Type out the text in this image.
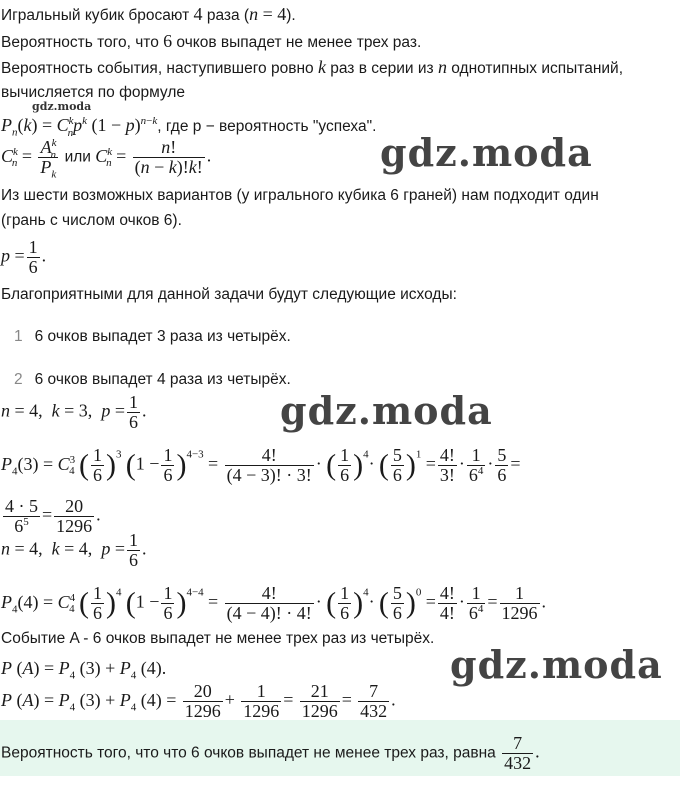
Игральный кубик бросают 4 раза (n = 4).
Вероятность того, что 6 очков выпадет не менее трех раз.
Вероятность события, наступившего ровно k раз в серии из n однотипных испытаний,
вычисляется по формуле
gdz.moda
$P_n(k) = C^k_np^k$ $(1 - p)^{n-k}$, где p − вероятность "успеха".
$C^k_n = \frac{A^k_n}{P_k}$ или $C^k_n = \frac{n!}{(n - k)!k!}$ .	gdz.moda
Из шести возможных вариантов (у игрального кубика 6 граней) нам подходит один
(грань с числом очков 6).
$p = \frac{1}{6}$ .
Благоприятными для данной задачи будут следующие исходы:
1 6 очков выпадет 3 раза из четырёх.
2 6 очков выпадет 4 раза из четырёх.
n = 4,  k = 3,  $p = \frac{1}{6}$ .	gdz.moda
$P_4(3) = C^3_4$ ( $\frac{1}{6} )^3$ $(1 - \frac{1}{6} )^{4-3} = \frac{4!}{(4 - 3)! \cdot 3!}$ · ( $\frac{1}{6} )^4\cdot$ ( $\frac{5}{6} )^1 = \frac{4!}{3!} \cdot \frac{1}{6^4} \cdot \frac{5}{6}$ =
$\frac{4 \cdot 5}{6^5} = \frac{20}{1296}$ .
n = 4,  k = 4,  $p = \frac{1}{6}$ .
$P_4(4) = C^4_4$ ( $\frac{1}{6} )^4$ $(1 - \frac{1}{6} )^{4-4} = \frac{4!}{(4 - 4)! \cdot 4!}$ · ( $\frac{1}{6} )^4\cdot$ ( $\frac{5}{6} )^0 = \frac{4!}{4!} \cdot \frac{1}{6^4} = \frac{1}{1296}$ .
Событие A - 6 очков выпадет не менее трех раз из четырёх.
gdz.moda
P $(A) = P_4$ $(3) + P_4$ (4).
P $(A) = P_4$ $(3) + P_4$ $(4) = \frac{20}{1296} + \frac{1}{1296} = \frac{21}{1296} = \frac{7}{432}$ .
Вероятность того, что что 6 очков выпадет не менее трех раз, равна $\frac{7}{432}$ .
